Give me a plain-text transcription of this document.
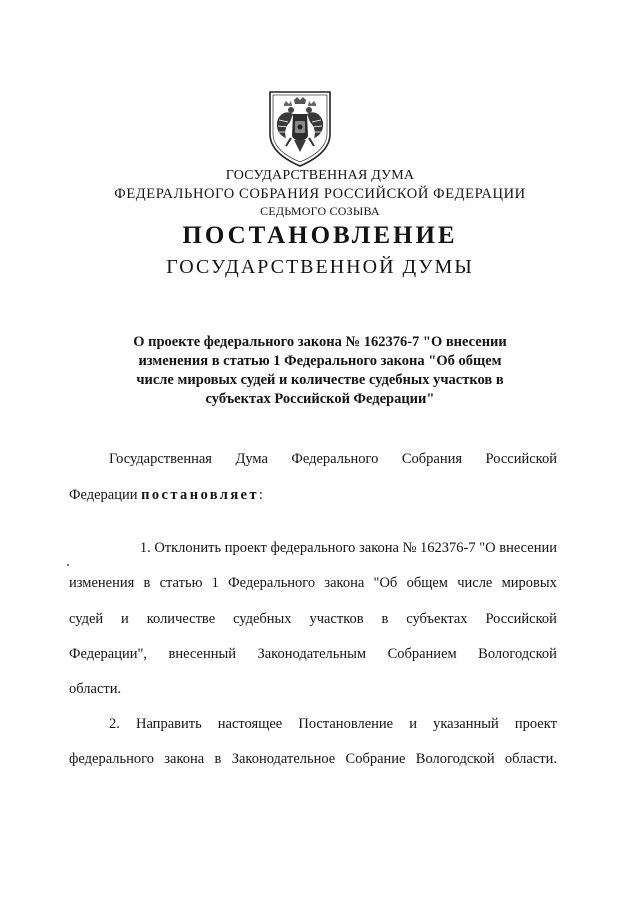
ГОСУДАРСТВЕННАЯ ДУМА
ФЕДЕРАЛЬНОГО СОБРАНИЯ РОССИЙСКОЙ ФЕДЕРАЦИИ
СЕДЬМОГО СОЗЫВА
ПОСТАНОВЛЕНИЕ
ГОСУДАРСТВЕННОЙ ДУМЫ
О проекте федерального закона № 162376-7 "О внесении
изменения в статью 1 Федерального закона "Об общем
числе мировых судей и количестве судебных участков в
субъектах Российской Федерации"
Государственная Дума Федерального Собрания Российской
Федерации постановляет:
1. Отклонить проект федерального закона № 162376-7 "О внесении
изменения в статью 1 Федерального закона "Об общем числе мировых
судей и количестве судебных участков в субъектах Российской
Федерации", внесенный Законодательным Собранием Вологодской
области.
2. Направить настоящее Постановление и указанный проект
федерального закона в Законодательное Собрание Вологодской области.
